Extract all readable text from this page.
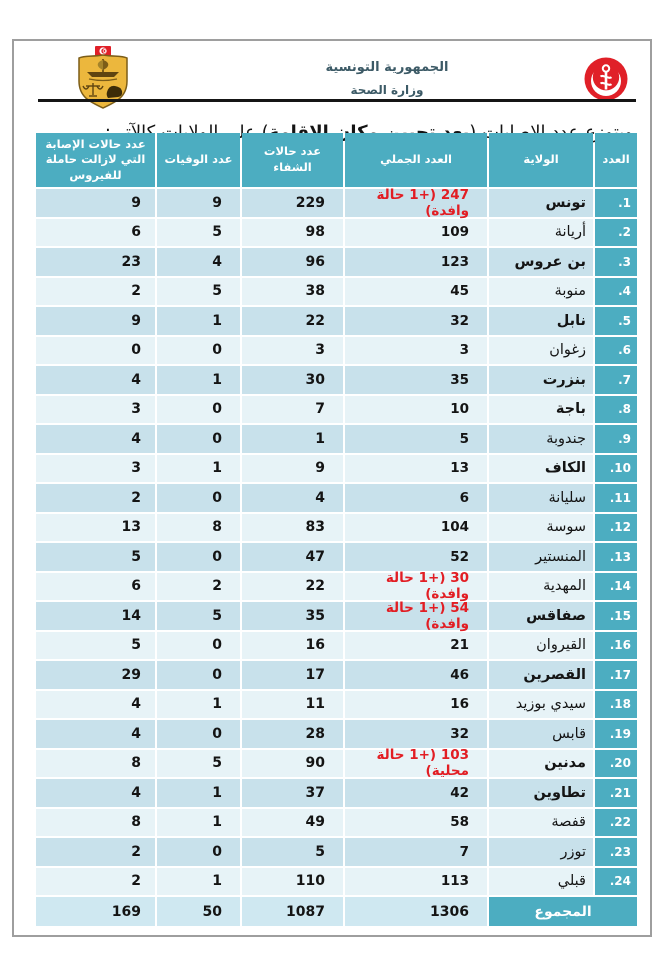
الجمهورية التونسية
وزارة الصحة

على

العدد
الولاية
العدد الجملي
عدد حالات الشفاء
عدد الوفيات
عدد حالات الإصابة التي لازالت حاملة للفيروس
1.
تونس
247 (+1 حالة وافدة)
229
9
9
2.
أريانة
109
98
5
6
3.
بن عروس
123
96
4
23
4.
منوبة
45
38
5
2
5.
نابل
32
22
1
9
6.
زغوان
3
3
0
0
7.
بنزرت
35
30
1
4
8.
باجة
10
7
0
3
9.
جندوبة
5
1
0
4
10.
الكاف
13
9
1
3
11.
سليانة
6
4
0
2
12.
سوسة
104
83
8
13
13.
المنستير
52
47
0
5
14.
المهدية
30 (+1 حالة وافدة)
22
2
6
15.
صفاقس
54 (+1 حالة وافدة)
35
5
14
16.
القيروان
21
16
0
5
17.
القصرين
46
17
0
29
18.
سيدي بوزيد
16
11
1
4
19.
قابس
32
28
0
4
20.
مدنين
103 (+1 حالة محلية)
90
5
8
21.
تطاوين
42
37
1
4
22.
قفصة
58
49
1
8
23.
توزر
7
5
0
2
24.
قبلي
113
110
1
2
المجموع
1306
1087
50
169
